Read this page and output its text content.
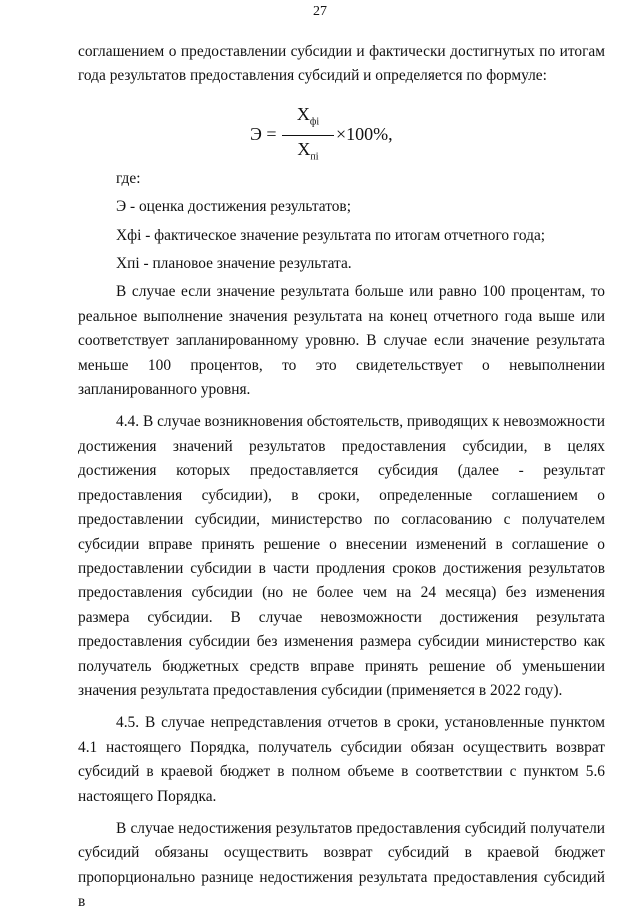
27

соглашением о предоставлении субсидии и фактически достигнутых по итогам года результатов предоставления субсидий и определяется по формуле:

Э =
$Х_{фi}$
$Х_{пi}$
×100%,

где:

Э - оценка достижения результатов;

Хфi - фактическое значение результата по итогам отчетного года;

Хпi - плановое значение результата.

В случае если значение результата больше или равно 100 процентам, то реальное выполнение значения результата на конец отчетного года выше или соответствует запланированному уровню. В случае если значение результата меньше 100 процентов, то это свидетельствует о невыполнении запланированного уровня.

4.4. В случае возникновения обстоятельств, приводящих к невозможности достижения значений результатов предоставления субсидии, в целях достижения которых предоставляется субсидия (далее - результат предоставления субсидии), в сроки, определенные соглашением о предоставлении субсидии, министерство по согласованию с получателем субсидии вправе принять решение о внесении изменений в соглашение о предоставлении субсидии в части продления сроков достижения результатов предоставления субсидии (но не более чем на 24 месяца) без изменения размера субсидии. В случае невозможности достижения результата предоставления субсидии без изменения размера субсидии министерство как получатель бюджетных средств вправе принять решение об уменьшении значения результата предоставления субсидии (применяется в 2022 году).

4.5. В случае непредставления отчетов в сроки, установленные пунктом 4.1 настоящего Порядка, получатель субсидии обязан осуществить возврат субсидий в краевой бюджет в полном объеме в соответствии с пунктом 5.6 настоящего Порядка.

В случае недостижения результатов предоставления субсидий получатели субсидий обязаны осуществить возврат субсидий в краевой бюджет пропорционально разнице недостижения результата предоставления субсидий в
